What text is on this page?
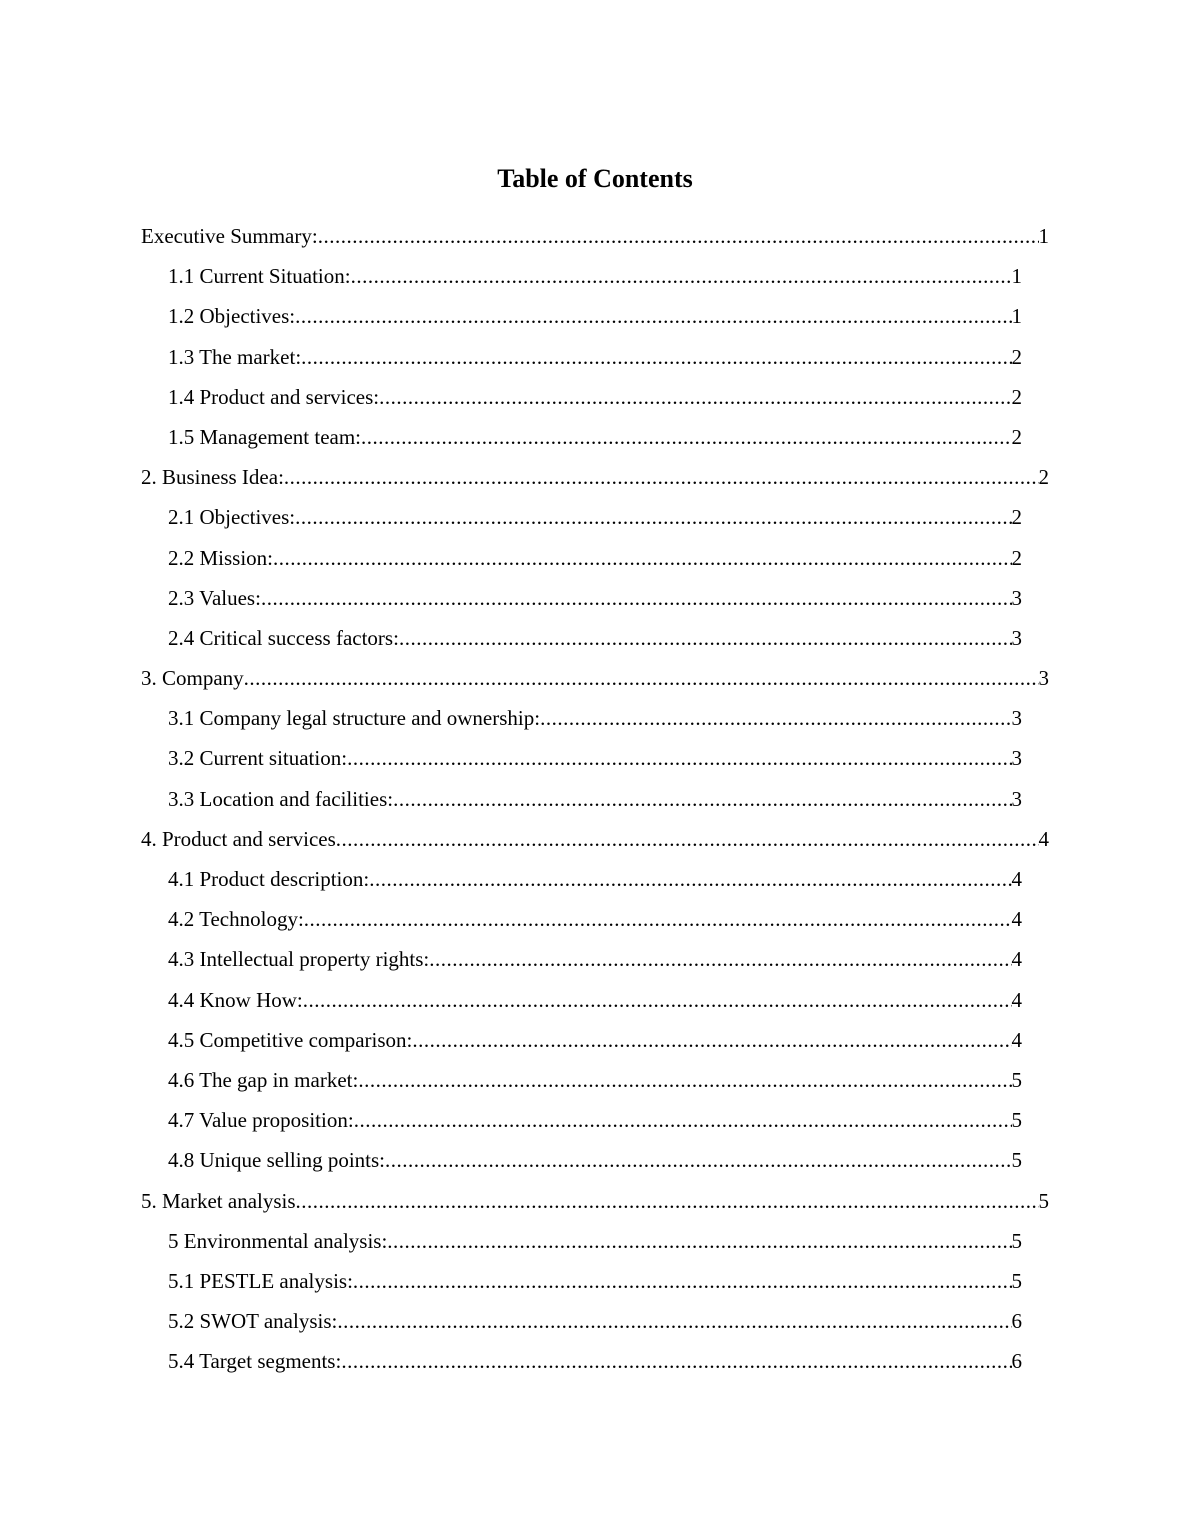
Table of Contents
Executive Summary: .....	1
1.1 Current Situation: .....	1
1.2 Objectives: .....	1
1.3 The market: .....	2
1.4 Product and services: .....	2
1.5 Management team: .....	2
2. Business Idea: .....	2
2.1 Objectives: .....	2
2.2 Mission: .....	2
2.3 Values: .....	3
2.4 Critical success factors: .....	3
3. Company .....	3
3.1 Company legal structure and ownership: .....	3
3.2 Current situation: .....	3
3.3 Location and facilities: .....	3
4. Product and services .....	4
4.1 Product description: .....	4
4.2 Technology: .....	4
4.3 Intellectual property rights: .....	4
4.4 Know How: .....	4
4.5 Competitive comparison: .....	4
4.6 The gap in market: .....	5
4.7 Value proposition: .....	5
4.8 Unique selling points: .....	5
5. Market analysis .....	5
5 Environmental analysis: .....	5
5.1 PESTLE analysis: .....	5
5.2 SWOT analysis: .....	6
5.4 Target segments: .....	6
